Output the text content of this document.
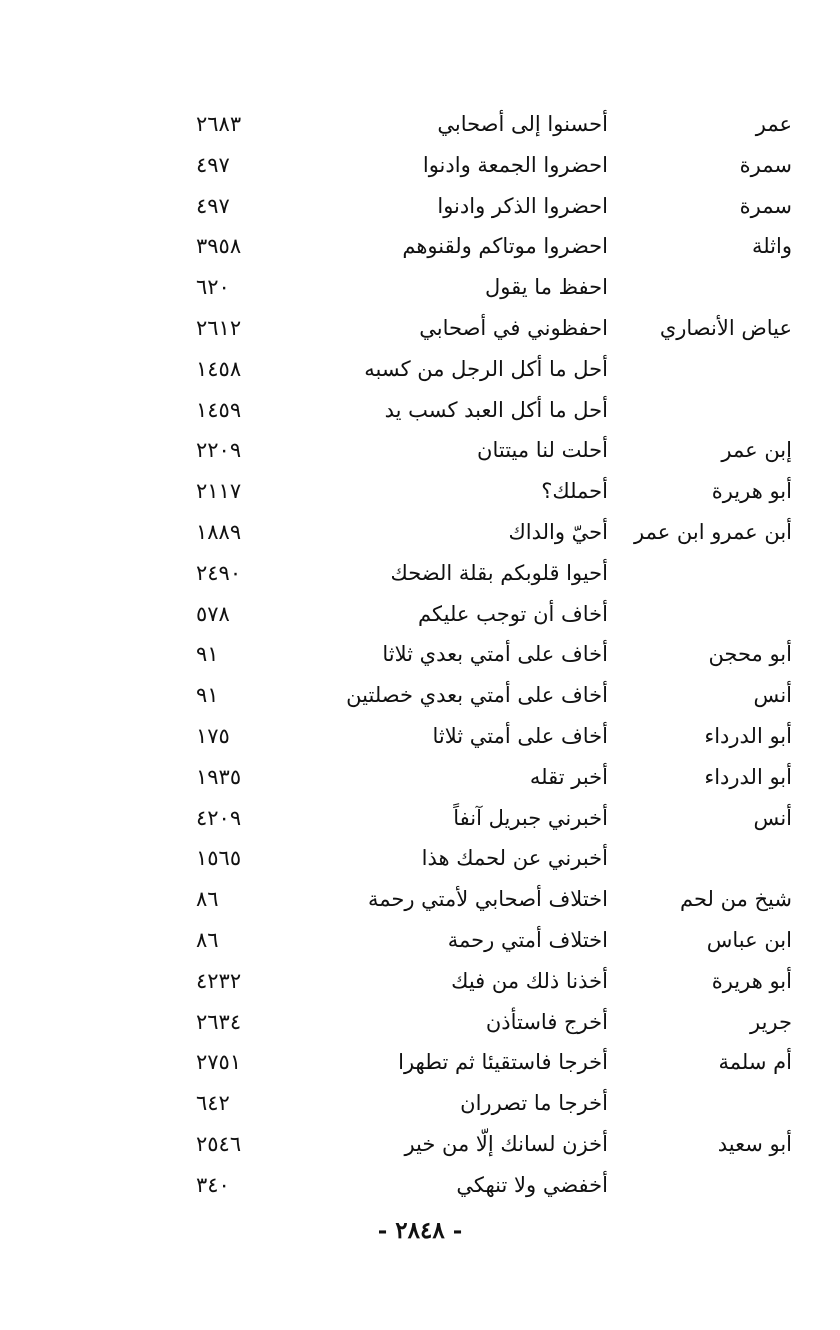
عمر
أحسنوا إلى أصحابي
٢٦٨٣
سمرة
احضروا الجمعة وادنوا
٤٩٧
سمرة
احضروا الذكر وادنوا
٤٩٧
واثلة
احضروا موتاكم ولقنوهم
٣٩٥٨
احفظ ما يقول
٦٢٠
عياض الأنصاري
احفظوني في أصحابي
٢٦١٢
أحل ما أكل الرجل من كسبه
١٤٥٨
أحل ما أكل العبد كسب يد
١٤٥٩
إبن عمر
أحلت لنا ميتتان
٢٢٠٩
أبو هريرة
أحملك؟
٢١١٧
أبن عمرو ابن عمر
أحيّ والداك
١٨٨٩
أحيوا قلوبكم بقلة الضحك
٢٤٩٠
أخاف أن توجب عليكم
٥٧٨
أبو محجن
أخاف على أمتي بعدي ثلاثا
٩١
أنس
أخاف على أمتي بعدي خصلتين
٩١
أبو الدرداء
أخاف على أمتي ثلاثا
١٧٥
أبو الدرداء
أخبر تقله
١٩٣٥
أنس
أخبرني جبريل آنفاً
٤٢٠٩
أخبرني عن لحمك هذا
١٥٦٥
شيخ من لحم
اختلاف أصحابي لأمتي رحمة
٨٦
ابن عباس
اختلاف أمتي رحمة
٨٦
أبو هريرة
أخذنا ذلك من فيك
٤٢٣٢
جرير
أخرج فاستأذن
٢٦٣٤
أم سلمة
أخرجا فاستقيئا ثم تطهرا
٢٧٥١
أخرجا ما تصرران
٦٤٢
أبو سعيد
أخزن لسانك إلّا من خير
٢٥٤٦
أخفضي ولا تنهكي
٣٤٠
- ٢٨٤٨ -
